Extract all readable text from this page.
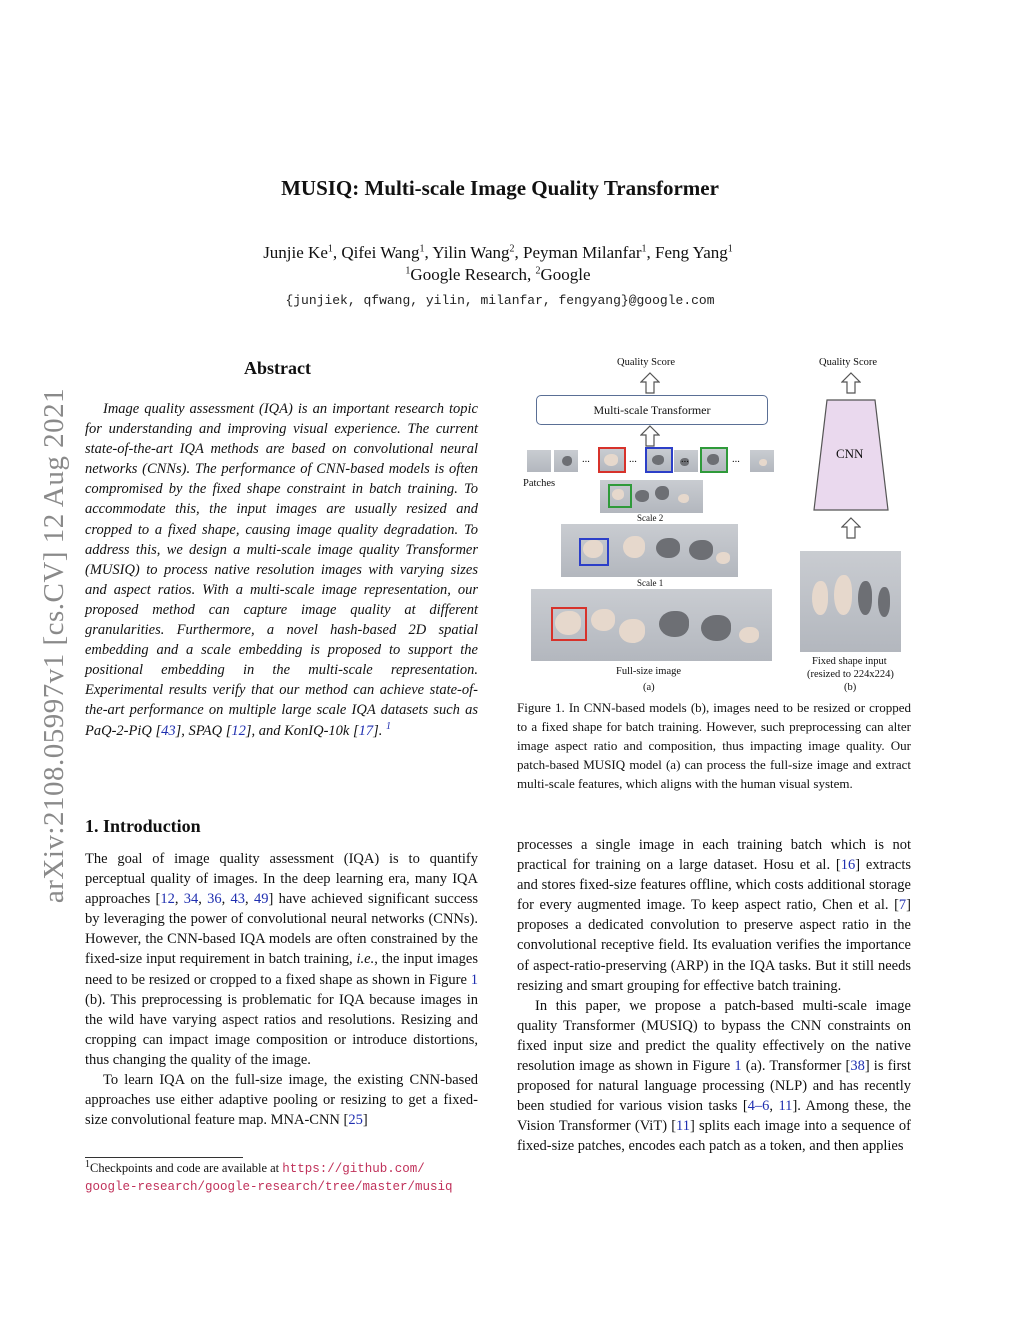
arXiv:2108.05997v1 [cs.CV] 12 Aug 2021
MUSIQ: Multi-scale Image Quality Transformer
Junjie Ke$^1$, Qifei Wang$^1$, Yilin Wang$^2$, Peyman Milanfar$^1$, Feng Yang$^1$
$^1$Google Research, $^2$Google
{junjiek, qfwang, yilin, milanfar, fengyang}@google.com
Abstract

Image quality assessment (IQA) is an important research topic for understanding and improving visual experience. The current state-of-the-art IQA methods are based on convolutional neural networks (CNNs). The performance of CNN-based models is often compromised by the fixed shape constraint in batch training. To accommodate this, the input images are usually resized and cropped to a fixed shape, causing image quality degradation. To address this, we design a multi-scale image quality Transformer (MUSIQ) to process native resolution images with varying sizes and aspect ratios. With a multi-scale image representation, our proposed method can capture image quality at different granularities. Furthermore, a novel hash-based 2D spatial embedding and a scale embedding is proposed to support the positional embedding in the multi-scale representation. Experimental results verify that our method can achieve state-of-the-art performance on multiple large scale IQA datasets such as PaQ-2-PiQ [43], SPAQ [12], and KonIQ-10k [17]. $^1$

1. Introduction

The goal of image quality assessment (IQA) is to quantify perceptual quality of images. In the deep learning era, many IQA approaches [12, 34, 36, 43, 49] have achieved significant success by leveraging the power of convolutional neural networks (CNNs). However, the CNN-based IQA models are often constrained by the fixed-size input requirement in batch training, i.e., the input images need to be resized or cropped to a fixed shape as shown in Figure 1 (b). This preprocessing is problematic for IQA because images in the wild have varying aspect ratios and resolutions. Resizing and cropping can impact image composition or introduce distortions, thus changing the quality of the image.

To learn IQA on the full-size image, the existing CNN-based approaches use either adaptive pooling or resizing to get a fixed-size convolutional feature map. MNA-CNN [25]

$^1$Checkpoints and code are available at https://github.com/
google-research/google-research/tree/master/musiq

processes a single image in each training batch which is not practical for training on a large dataset. Hosu et al. [16] extracts and stores fixed-size features offline, which costs additional storage for every augmented image. To keep aspect ratio, Chen et al. [7] proposes a dedicated convolution to preserve aspect ratio in the convolutional receptive field. Its evaluation verifies the importance of aspect-ratio-preserving (ARP) in the IQA tasks. But it still needs resizing and smart grouping for effective batch training.

In this paper, we propose a patch-based multi-scale image quality Transformer (MUSIQ) to bypass the CNN constraints on fixed input size and predict the quality effectively on the native resolution image as shown in Figure 1 (a). Transformer [38] is first proposed for natural language processing (NLP) and has recently been studied for various vision tasks [4–6, 11]. Among these, the Vision Transformer (ViT) [11] splits each image into a sequence of fixed-size patches, encodes each patch as a token, and then applies

Quality Score
Multi-scale Transformer
...	...	...	...
Patches
Scale 2
Scale 1
Full-size image
(a)
Quality Score
CNN
Fixed shape input
(resized to 224x224)
(b)
Figure 1. In CNN-based models (b), images need to be resized or cropped to a fixed shape for batch training. However, such preprocessing can alter image aspect ratio and composition, thus impacting image quality. Our patch-based MUSIQ model (a) can process the full-size image and extract multi-scale features, which aligns with the human visual system.
